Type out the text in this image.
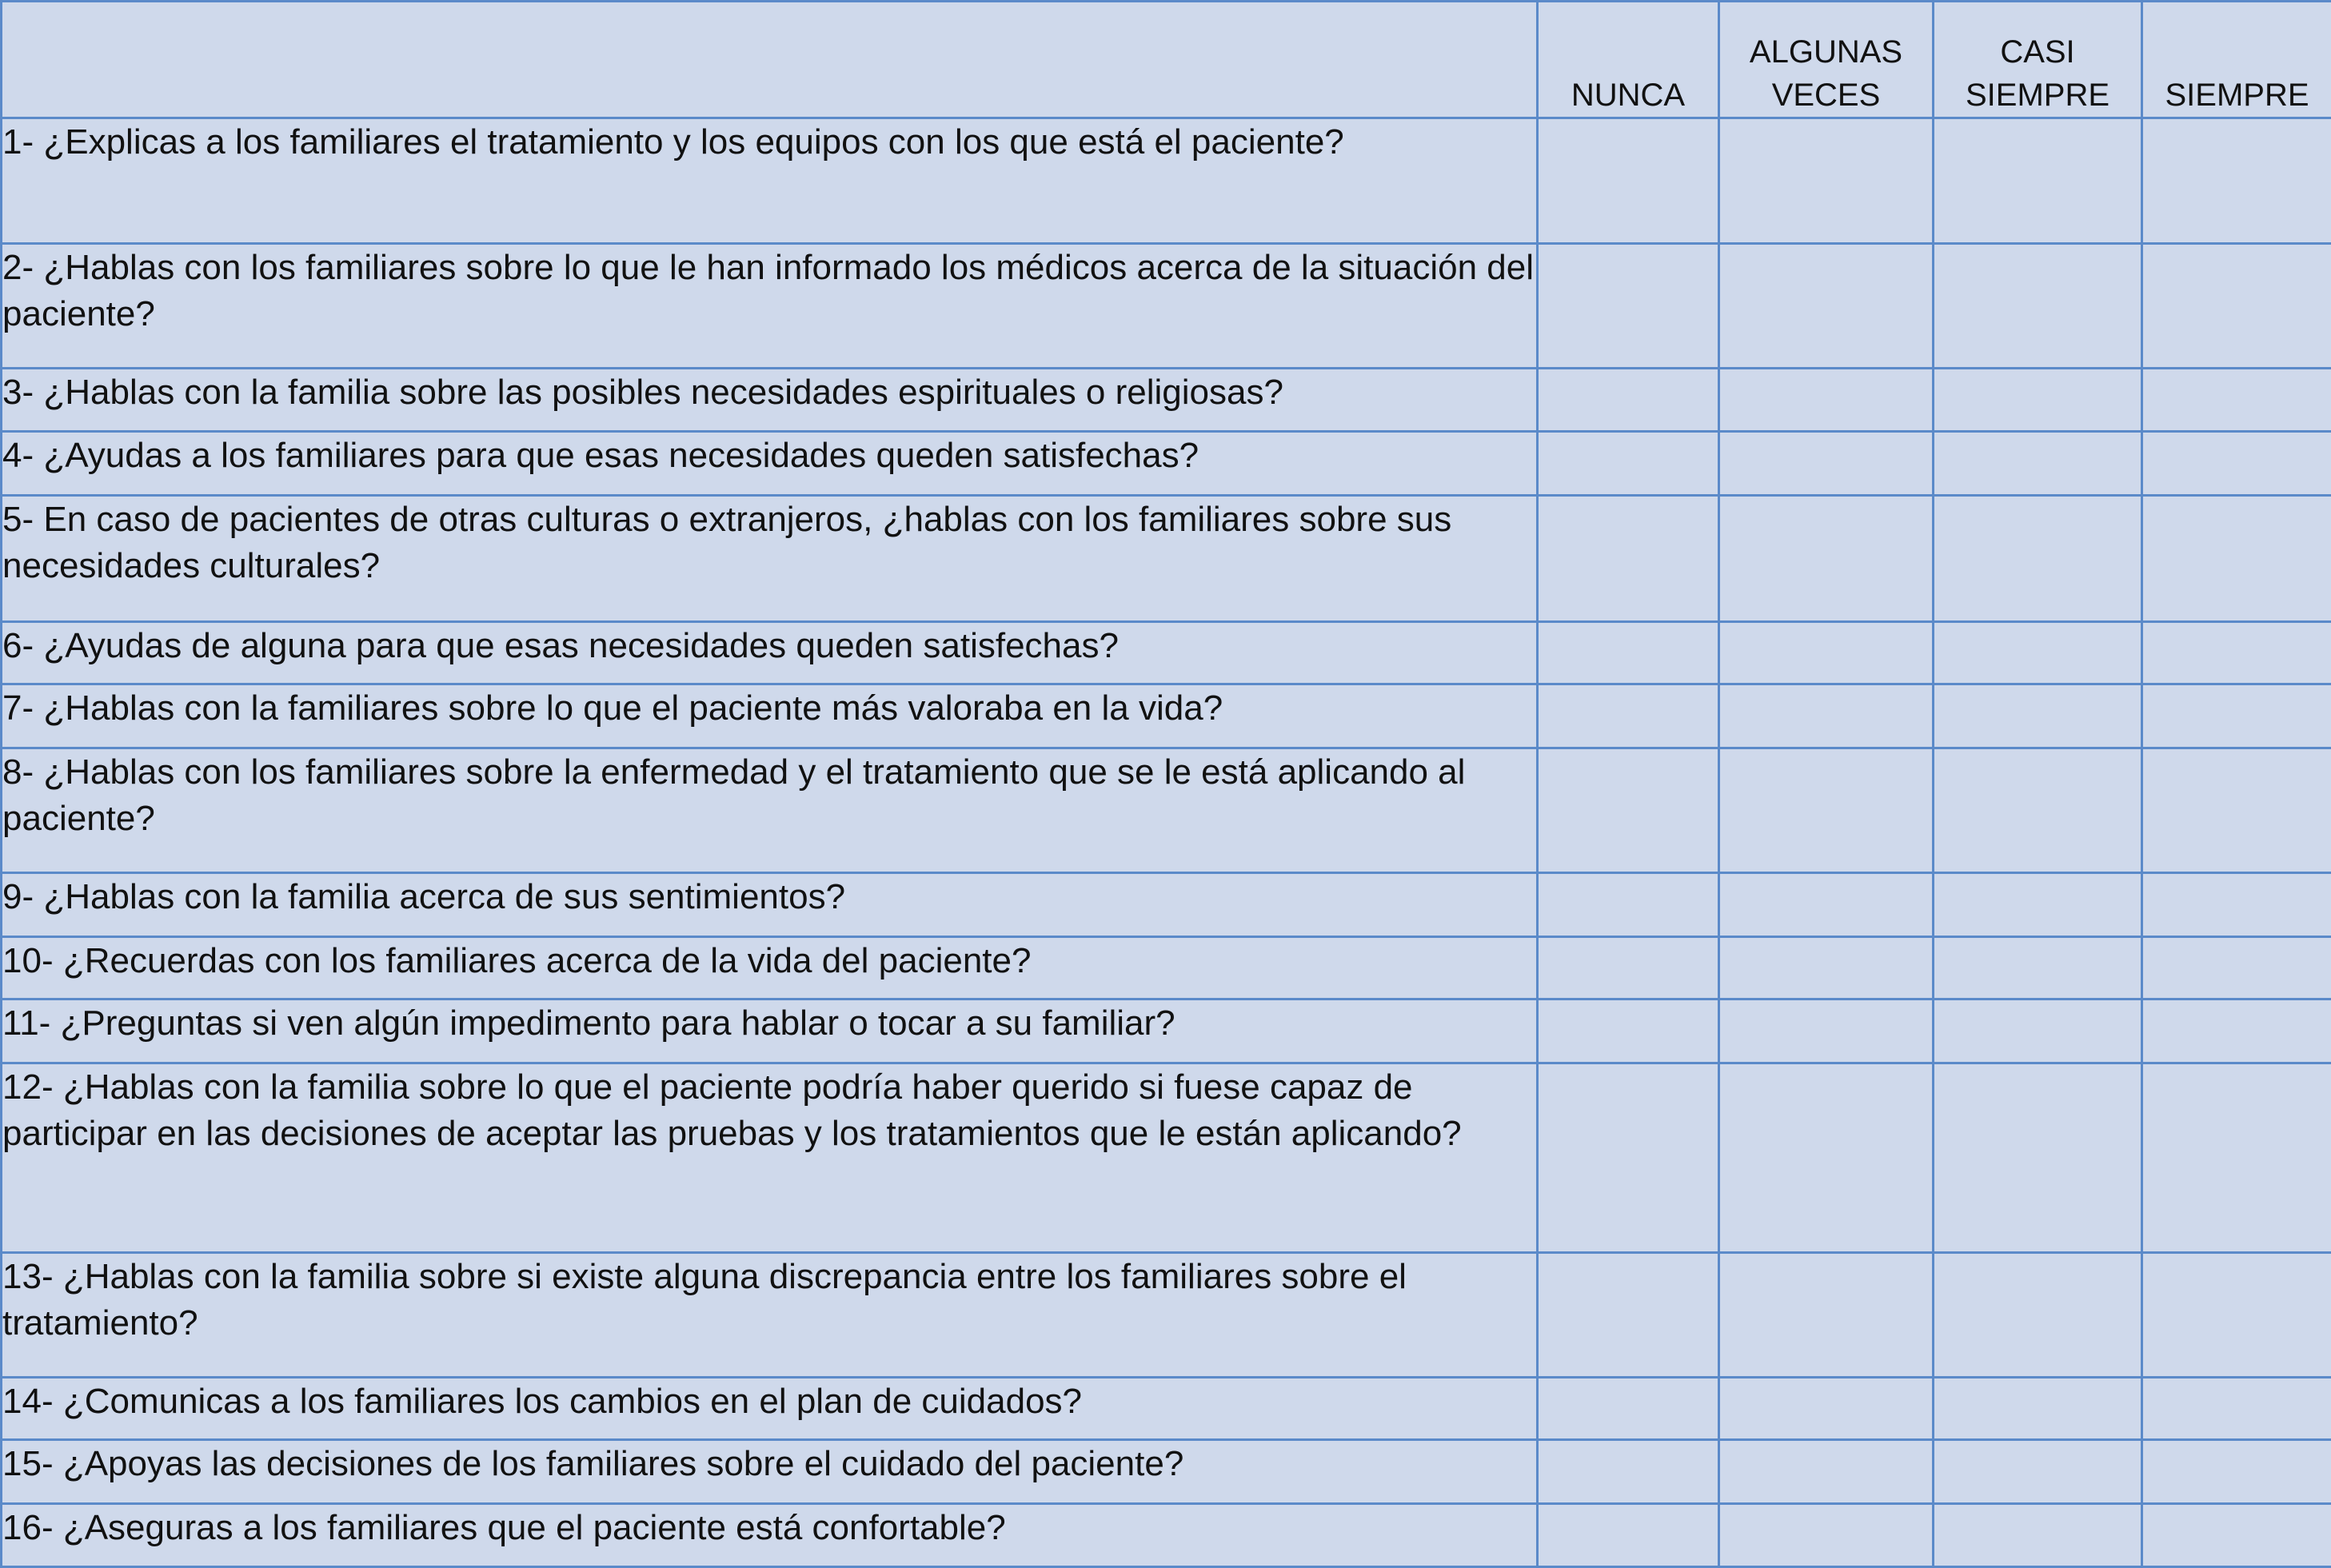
	NUNCA	ALGUNAS VECES	CASI SIEMPRE	SIEMPRE
1- ¿Explicas a los familiares el tratamiento y los equipos con los que está el paciente?				
2- ¿Hablas con los familiares sobre lo que le han informado los médicos acerca de la situación del paciente?				
3- ¿Hablas con la familia sobre las posibles necesidades espirituales o religiosas?				
4- ¿Ayudas a los familiares para que esas necesidades queden satisfechas?				
5- En caso de pacientes de otras culturas o extranjeros, ¿hablas con los familiares sobre sus necesidades culturales?				
6- ¿Ayudas de alguna para que esas necesidades queden satisfechas?				
7- ¿Hablas con la familiares sobre lo que el paciente más valoraba en la vida?				
8- ¿Hablas con los familiares sobre la enfermedad y el tratamiento que se le está aplicando al paciente?				
9- ¿Hablas con la familia acerca de sus sentimientos?				
10- ¿Recuerdas con los familiares acerca de la vida del paciente?				
11- ¿Preguntas si ven algún impedimento para hablar o tocar a su familiar?				
12- ¿Hablas con la familia sobre lo que el paciente podría haber querido si fuese capaz de participar en las decisiones de aceptar las pruebas y los tratamientos que le están aplicando?				
13- ¿Hablas con la familia sobre si existe alguna discrepancia entre los familiares sobre el tratamiento?				
14- ¿Comunicas a los familiares los cambios en el plan de cuidados?				
15- ¿Apoyas las decisiones de los familiares sobre el cuidado del paciente?				
16- ¿Aseguras a los familiares que el paciente está confortable?				
